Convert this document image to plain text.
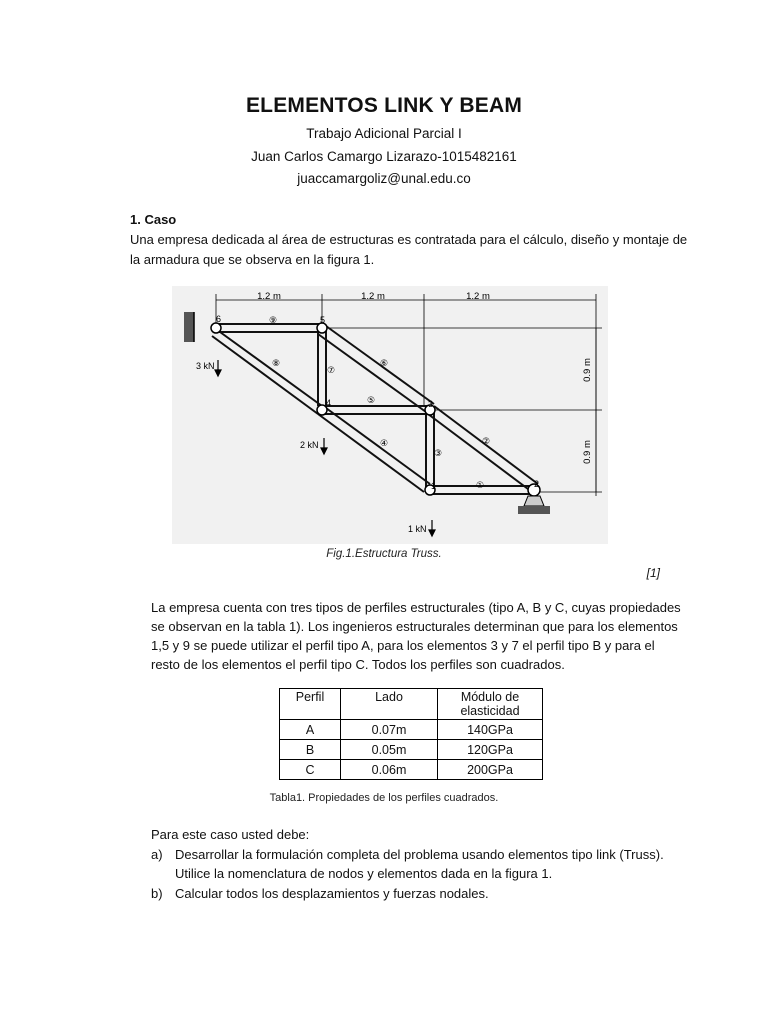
ELEMENTOS LINK Y BEAM
Trabajo Adicional Parcial I
Juan Carlos Camargo Lizarazo-1015482161
juaccamargoliz@unal.edu.co
1. Caso
Una empresa dedicada al área de estructuras es contratada para el cálculo, diseño y montaje de
la armadura que se observa en la figura 1.
1.2 m	1.2 m	1.2 m
0.9 m
0.9 m
6	5
4	3
1	2
⑨
⑧
⑦
⑥
⑤
④
③
②
①
3 kN
2 kN
1 kN
Fig.1.Estructura Truss.
[1]
La empresa cuenta con tres tipos de perfiles estructurales (tipo A, B y C, cuyas propiedades
se observan en la tabla 1). Los ingenieros estructurales determinan que para los elementos
1,5 y 9 se puede utilizar el perfil tipo A, para los elementos 3 y 7 el perfil tipo B y para el
resto de los elementos el perfil tipo C. Todos los perfiles son cuadrados.
Perfil	Lado	Módulo de
elasticidad

A	0.07m	140GPa
B	0.05m	120GPa
C	0.06m	200GPa
Tabla1. Propiedades de los perfiles cuadrados.
Para este caso usted debe:
a) Desarrollar la formulación completa del problema usando elementos tipo link (Truss).
Utilice la nomenclatura de nodos y elementos dada en la figura 1.
b) Calcular todos los desplazamientos y fuerzas nodales.
